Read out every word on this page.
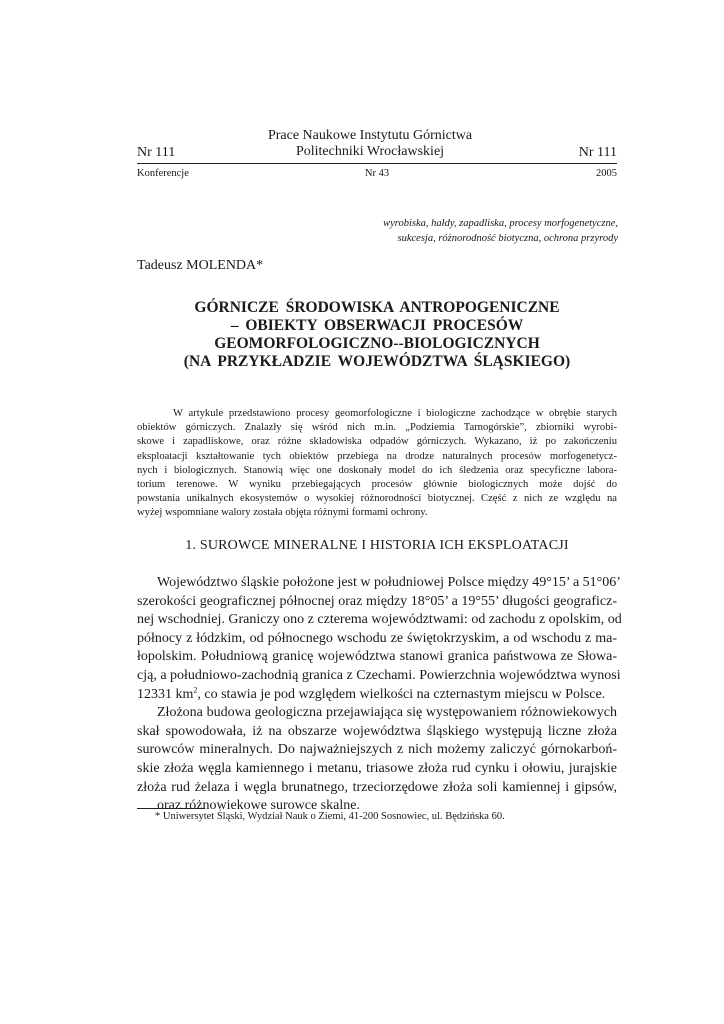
Prace Naukowe Instytutu Górnictwa
Politechniki Wrocławskiej
Nr 111	Nr 111
Konferencje	Nr 43	2005
wyrobiska, hałdy, zapadliska, procesy morfogenetyczne,
sukcesja, różnorodność biotyczna, ochrona przyrody
Tadeusz MOLENDA*
GÓRNICZE ŚRODOWISKA ANTROPOGENICZNE
– OBIEKTY OBSERWACJI PROCESÓW
GEOMORFOLOGICZNO--BIOLOGICZNYCH
(NA PRZYKŁADZIE WOJEWÓDZTWA ŚLĄSKIEGO)
W artykule przedstawiono procesy geomorfologiczne i biologiczne zachodzące w obrębie starych
obiektów górniczych. Znalazły się wśród nich m.in. „Podziemia Tarnogórskie”, zbiorniki wyrobi-
skowe i zapadliskowe, oraz różne składowiska odpadów górniczych. Wykazano, iż po zakończeniu
eksploatacji kształtowanie tych obiektów przebiega na drodze naturalnych procesów morfogenetycz-
nych i biologicznych. Stanowią więc one doskonały model do ich śledzenia oraz specyficzne labora-
torium terenowe. W wyniku przebiegających procesów głównie biologicznych może dojść do
powstania unikalnych ekosystemów o wysokiej różnorodności biotycznej. Część z nich ze względu na
wyżej wspomniane walory została objęta różnymi formami ochrony.
1. SUROWCE MINERALNE I HISTORIA ICH EKSPLOATACJI
Województwo śląskie położone jest w południowej Polsce między 49°15’ a 51°06’
szerokości geograficznej północnej oraz między 18°05’ a 19°55’ długości geograficz-
nej wschodniej. Graniczy ono z czterema województwami: od zachodu z opolskim, od
północy z łódzkim, od północnego wschodu ze świętokrzyskim, a od wschodu z ma-
łopolskim. Południową granicę województwa stanowi granica państwowa ze Słowa-
cją, a południowo-zachodnią granica z Czechami. Powierzchnia województwa wynosi
12331 $km^2$, co stawia je pod względem wielkości na czternastym miejscu w Polsce.
Złożona budowa geologiczna przejawiająca się występowaniem różnowiekowych
skał spowodowała, iż na obszarze województwa śląskiego występują liczne złoża
surowców mineralnych. Do najważniejszych z nich możemy zaliczyć górnokarboń-
skie złoża węgla kamiennego i metanu, triasowe złoża rud cynku i ołowiu, jurajskie
złoża rud żelaza i węgla brunatnego, trzeciorzędowe złoża soli kamiennej i gipsów,
oraz różnowiekowe surowce skalne.
* Uniwersytet Śląski, Wydział Nauk o Ziemi, 41-200 Sosnowiec, ul. Będzińska 60.
